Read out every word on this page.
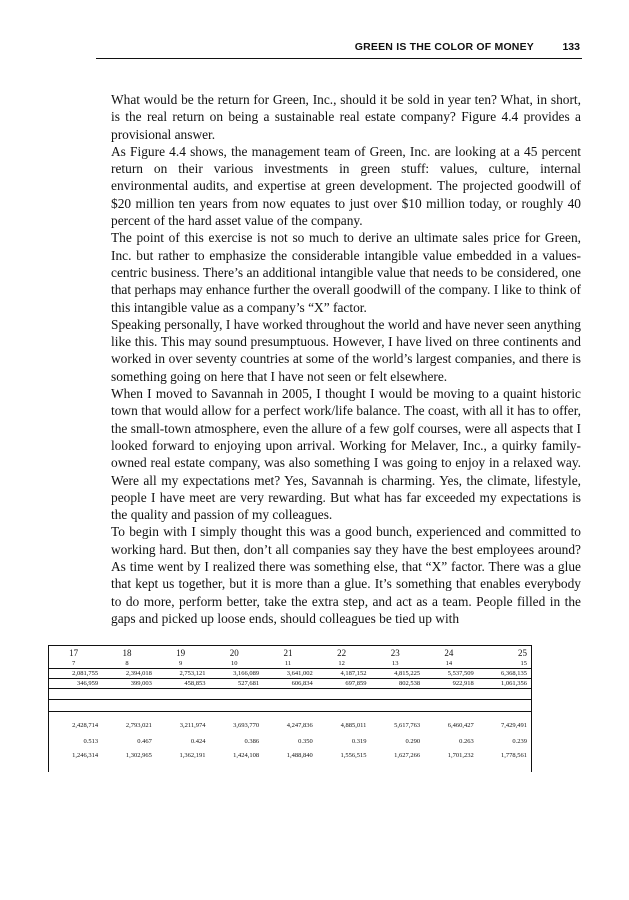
GREEN IS THE COLOR OF MONEY	133

What would be the return for Green, Inc., should it be sold in year ten? What, in short, is the real return on being a sustainable real estate company? Figure 4.4 provides a provisional answer.

As Figure 4.4 shows, the management team of Green, Inc. are looking at a 45 percent return on their various investments in green stuff: values, culture, internal environmental audits, and expertise at green development. The projected goodwill of $20 million ten years from now equates to just over $10 million today, or roughly 40 percent of the hard asset value of the company.

The point of this exercise is not so much to derive an ultimate sales price for Green, Inc. but rather to emphasize the considerable intangible value embedded in a values-centric business. There’s an additional intangible value that needs to be considered, one that perhaps may enhance further the overall goodwill of the company. I like to think of this intangible value as a company’s “X” factor.

Speaking personally, I have worked throughout the world and have never seen anything like this. This may sound presumptuous. However, I have lived on three continents and worked in over seventy countries at some of the world’s largest companies, and there is something going on here that I have not seen or felt elsewhere.

When I moved to Savannah in 2005, I thought I would be moving to a quaint historic town that would allow for a perfect work/life balance. The coast, with all it has to offer, the small-town atmosphere, even the allure of a few golf courses, were all aspects that I looked forward to enjoying upon arrival. Working for Melaver, Inc., a quirky family-owned real estate company, was also something I was going to enjoy in a relaxed way. Were all my expectations met? Yes, Savannah is charming. Yes, the climate, lifestyle, people I have meet are very rewarding. But what has far exceeded my expectations is the quality and passion of my colleagues.

To begin with I simply thought this was a good bunch, experienced and committed to working hard. But then, don’t all companies say they have the best employees around? As time went by I realized there was something else, that “X” factor. There was a glue that kept us together, but it is more than a glue. It’s something that enables everybody to do more, perform better, take the extra step, and act as a team. People filled in the gaps and picked up loose ends, should colleagues be tied up with

17	18	19	20	21	22	23	24	25
7	8	9	10	11	12	13	14	15
2,081,755	2,394,018	2,753,121	3,166,089	3,641,002	4,187,152	4,815,225	5,537,509	6,368,135
346,959	399,003	458,853	527,681	606,834	697,859	802,538	922,918	1,061,356

2,428,714	2,793,021	3,211,974	3,693,770	4,247,836	4,885,011	5,617,763	6,460,427	7,429,491
0.513	0.467	0.424	0.386	0.350	0.319	0.290	0.263	0.239
1,246,314	1,302,965	1,362,191	1,424,108	1,488,840	1,556,515	1,627,266	1,701,232	1,778,561
